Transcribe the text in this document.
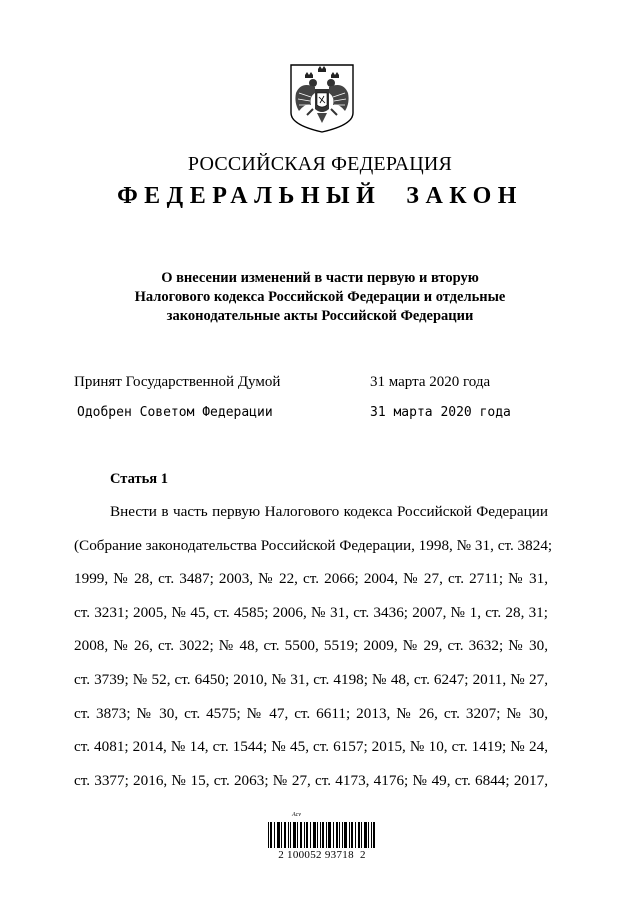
РОССИЙСКАЯ ФЕДЕРАЦИЯ
ФЕДЕРАЛЬНЫЙ  ЗАКОН
О внесении изменений в части первую и вторую
Налогового кодекса Российской Федерации и отдельные
законодательные акты Российской Федерации
Принят Государственной Думой	31 марта 2020 года
Одобрен Советом Федерации	31 марта 2020 года
Статья 1
Внести в часть первую Налогового кодекса Российской Федерации
(Собрание законодательства Российской Федерации, 1998, № 31, ст. 3824;
1999, № 28, ст. 3487; 2003, № 22, ст. 2066; 2004, № 27, ст. 2711; № 31,
ст. 3231; 2005, № 45, ст. 4585; 2006, № 31, ст. 3436; 2007, № 1, ст. 28, 31;
2008, № 26, ст. 3022; № 48, ст. 5500, 5519; 2009, № 29, ст. 3632; № 30,
ст. 3739; № 52, ст. 6450; 2010, № 31, ст. 4198; № 48, ст. 6247; 2011, № 27,
ст. 3873; № 30, ст. 4575; № 47, ст. 6611; 2013, № 26, ст. 3207; № 30,
ст. 4081; 2014, № 14, ст. 1544; № 45, ст. 6157; 2015, № 10, ст. 1419; № 24,
ст. 3377; 2016, № 15, ст. 2063; № 27, ст. 4173, 4176; № 49, ст. 6844; 2017,
Acv
2 100052 93718  2
